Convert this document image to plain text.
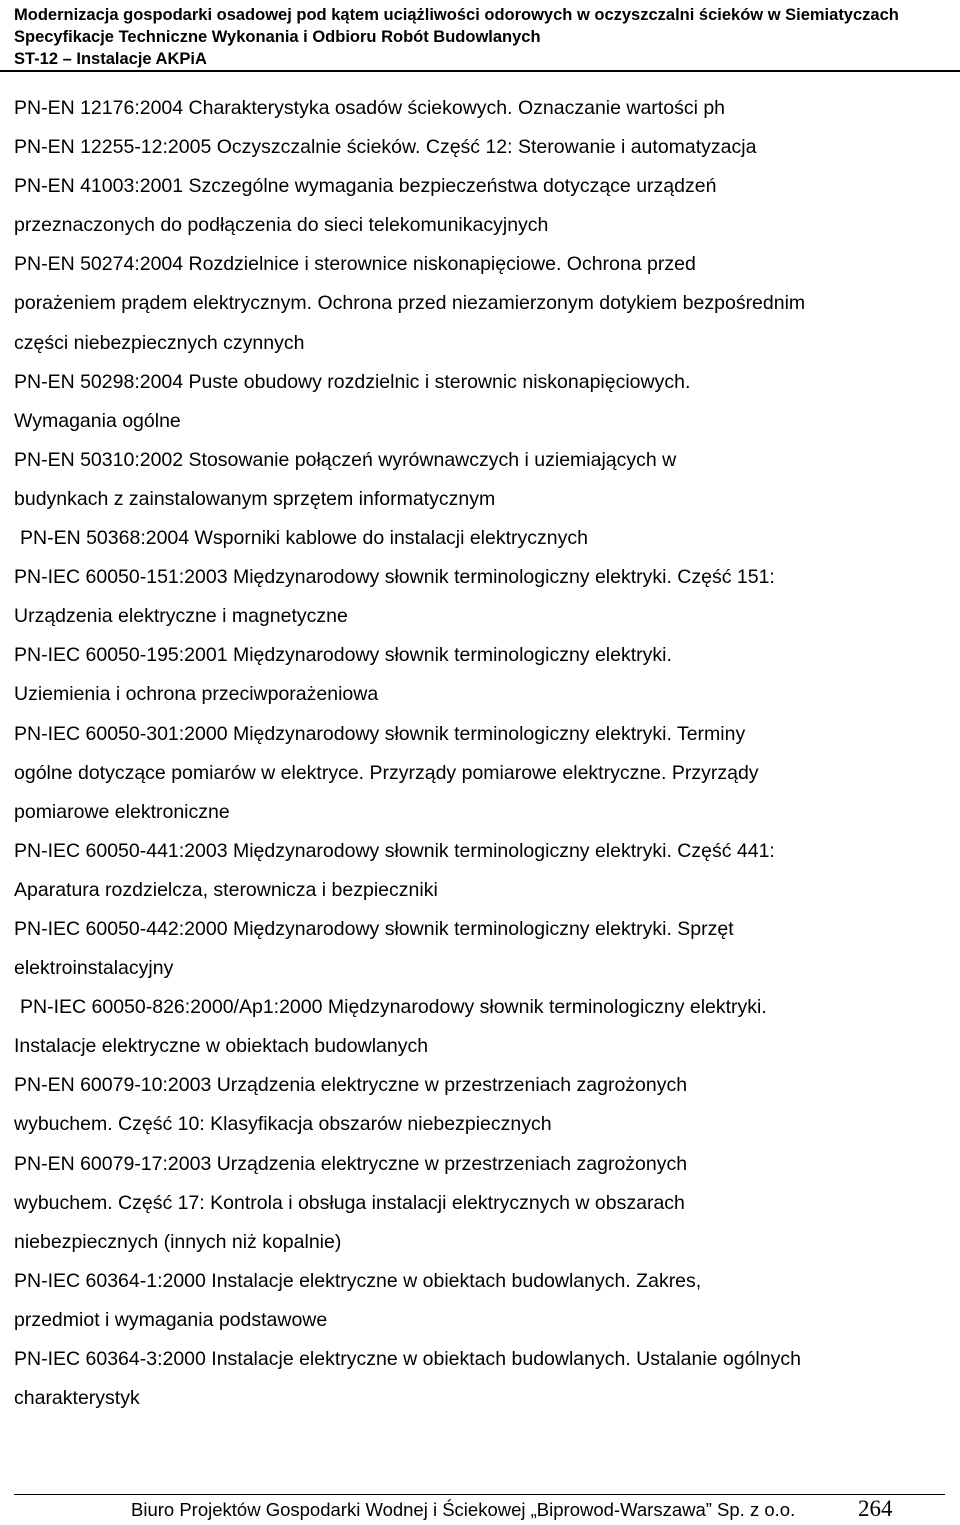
Modernizacja gospodarki osadowej pod kątem uciążliwości odorowych w oczyszczalni ścieków w Siemiatyczach
Specyfikacje Techniczne Wykonania i Odbioru Robót Budowlanych
ST-12 – Instalacje AKPiA
PN-EN 12176:2004 Charakterystyka osadów ściekowych. Oznaczanie wartości ph
PN-EN 12255-12:2005 Oczyszczalnie ścieków. Część 12: Sterowanie i automatyzacja
PN-EN 41003:2001 Szczególne wymagania bezpieczeństwa dotyczące urządzeń
przeznaczonych do podłączenia do sieci telekomunikacyjnych
PN-EN 50274:2004 Rozdzielnice i sterownice niskonapięciowe. Ochrona przed
porażeniem prądem elektrycznym. Ochrona przed niezamierzonym dotykiem bezpośrednim
części niebezpiecznych czynnych
PN-EN 50298:2004 Puste obudowy rozdzielnic i sterownic niskonapięciowych.
Wymagania ogólne
PN-EN 50310:2002 Stosowanie połączeń wyrównawczych i uziemiających w
budynkach z zainstalowanym sprzętem informatycznym
PN-EN 50368:2004 Wsporniki kablowe do instalacji elektrycznych
PN-IEC 60050-151:2003 Międzynarodowy słownik terminologiczny elektryki. Część 151:
Urządzenia elektryczne i magnetyczne
PN-IEC 60050-195:2001 Międzynarodowy słownik terminologiczny elektryki.
Uziemienia i ochrona przeciwporażeniowa
PN-IEC 60050-301:2000 Międzynarodowy słownik terminologiczny elektryki. Terminy
ogólne dotyczące pomiarów w elektryce. Przyrządy pomiarowe elektryczne. Przyrządy
pomiarowe elektroniczne
PN-IEC 60050-441:2003 Międzynarodowy słownik terminologiczny elektryki. Część 441:
Aparatura rozdzielcza, sterownicza i bezpieczniki
PN-IEC 60050-442:2000 Międzynarodowy słownik terminologiczny elektryki. Sprzęt
elektroinstalacyjny
PN-IEC 60050-826:2000/Ap1:2000 Międzynarodowy słownik terminologiczny elektryki.
Instalacje elektryczne w obiektach budowlanych
PN-EN 60079-10:2003 Urządzenia elektryczne w przestrzeniach zagrożonych
wybuchem. Część 10: Klasyfikacja obszarów niebezpiecznych
PN-EN 60079-17:2003 Urządzenia elektryczne w przestrzeniach zagrożonych
wybuchem. Część 17: Kontrola i obsługa instalacji elektrycznych w obszarach
niebezpiecznych (innych niż kopalnie)
PN-IEC 60364-1:2000 Instalacje elektryczne w obiektach budowlanych. Zakres,
przedmiot i wymagania podstawowe
PN-IEC 60364-3:2000 Instalacje elektryczne w obiektach budowlanych. Ustalanie ogólnych
charakterystyk
Biuro Projektów Gospodarki Wodnej i Ściekowej „Biprowod-Warszawa” Sp. z o.o.	264
